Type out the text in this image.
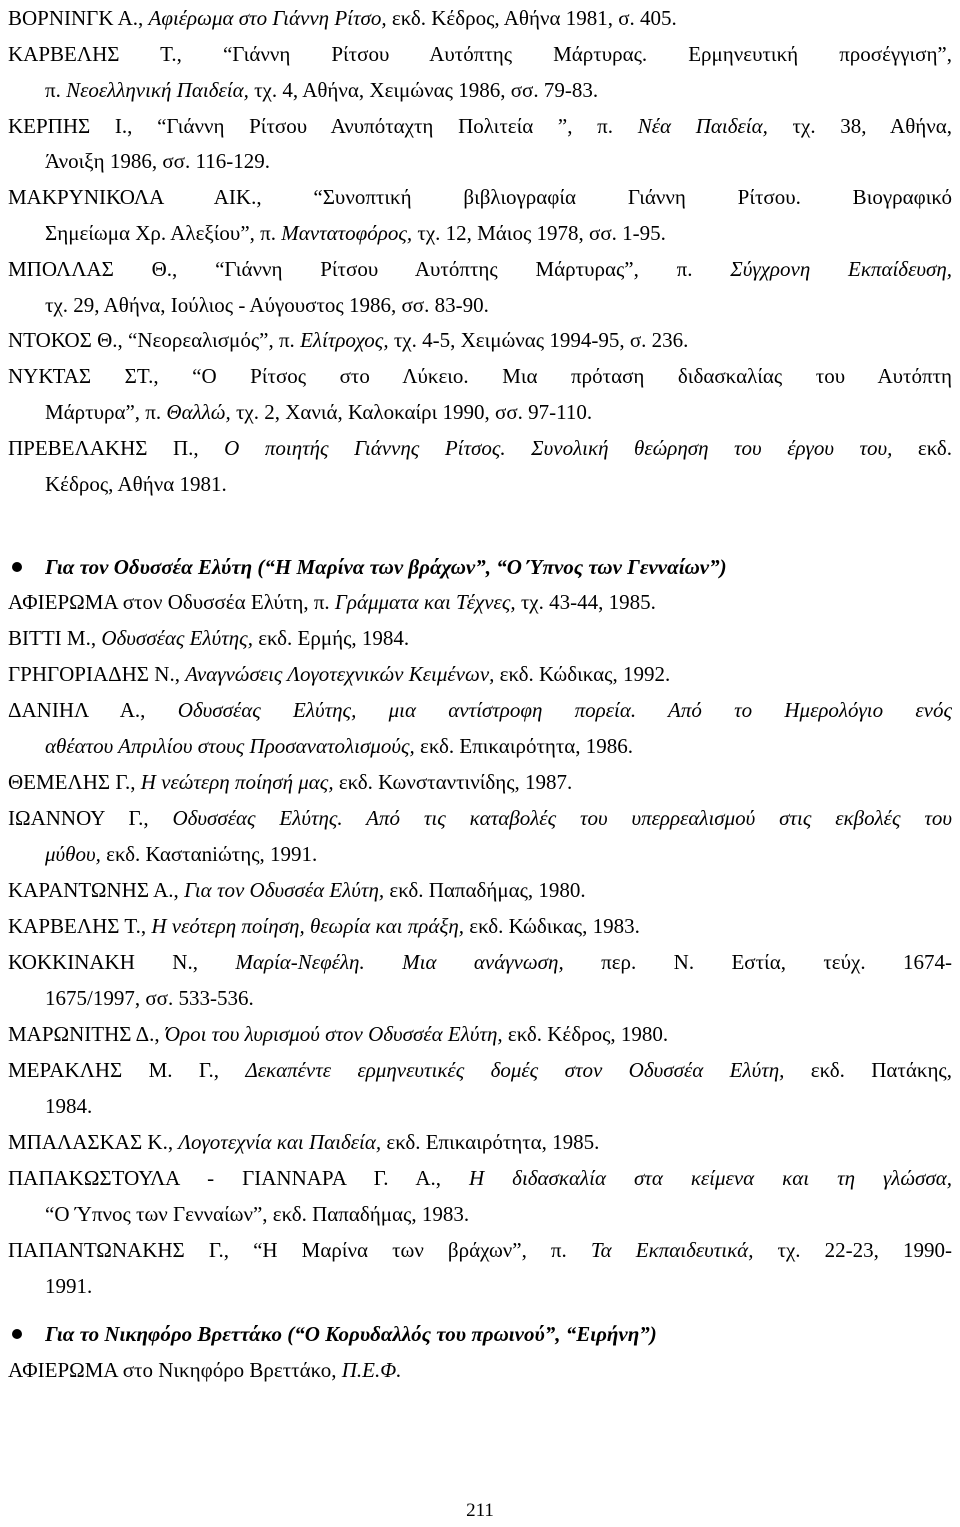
ΒΟΡΝΙΝΓΚ Α., Αφιέρωμα στο Γιάννη Ρίτσο, εκδ. Κέδρος, Αθήνα 1981, σ. 405.
ΚΑΡΒΕΛΗΣ Τ., “Γιάννη Ρίτσου Αυτόπτης Μάρτυρας. Ερμηνευτική προσέγγιση”,
π. Νεοελληνική Παιδεία, τχ. 4, Αθήνα, Χειμώνας 1986, σσ. 79-83.
ΚΕΡΠΗΣ Ι., “Γιάννη Ρίτσου Ανυπόταχτη Πολιτεία ”, π. Νέα Παιδεία, τχ. 38, Αθήνα,
Άνοιξη 1986, σσ. 116-129.
ΜΑΚΡΥΝΙΚΟΛΑ ΑΙΚ., “Συνοπτική βιβλιογραφία Γιάννη Ρίτσου. Βιογραφικό
Σημείωμα Χρ. Αλεξίου”, π. Μαντατοφόρος, τχ. 12, Μάιος 1978, σσ. 1-95.
ΜΠΟΛΛΑΣ Θ., “Γιάννη Ρίτσου Αυτόπτης Μάρτυρας”, π. Σύγχρονη Εκπαίδευση,
τχ. 29, Αθήνα, Ιούλιος - Αύγουστος 1986, σσ. 83-90.
ΝΤΟΚΟΣ Θ., “Νεορεαλισμός”, π. Ελίτροχος, τχ. 4-5, Χειμώνας 1994-95, σ. 236.
ΝΥΚΤΑΣ ΣΤ., “Ο Ρίτσος στο Λύκειο. Μια πρόταση διδασκαλίας του Αυτόπτη
Μάρτυρα”, π. Θαλλώ, τχ. 2, Χανιά, Καλοκαίρι 1990, σσ. 97-110.
ΠΡΕΒΕΛΑΚΗΣ Π., Ο ποιητής Γιάννης Ρίτσος. Συνολική θεώρηση του έργου του, εκδ.
Κέδρος, Αθήνα 1981.
Για τον Οδυσσέα Ελύτη (“Η Μαρίνα των βράχων”, “Ο Ύπνος των Γενναίων”)
ΑΦΙΕΡΩΜΑ στον Οδυσσέα Ελύτη, π. Γράμματα και Τέχνες, τχ. 43-44, 1985.
ΒΙΤΤΙ Μ., Οδυσσέας Ελύτης, εκδ. Ερμής, 1984.
ΓΡΗΓΟΡΙΑΔΗΣ Ν., Αναγνώσεις Λογοτεχνικών Κειμένων, εκδ. Κώδικας, 1992.
ΔΑΝΙΗΛ Α., Οδυσσέας Ελύτης, μια αντίστροφη πορεία. Από το Ημερολόγιο ενός
αθέατου Απριλίου στους Προσανατολισμούς, εκδ. Επικαιρότητα, 1986.
ΘΕΜΕΛΗΣ Γ., Η νεώτερη ποίησή μας, εκδ. Κωνσταντινίδης, 1987.
ΙΩΑΝΝΟΥ Γ., Οδυσσέας Ελύτης. Από τις καταβολές του υπερρεαλισμού στις εκβολές του
μύθου, εκδ. Κασταniώτης, 1991.
ΚΑΡΑΝΤΩΝΗΣ Α., Για τον Οδυσσέα Ελύτη, εκδ. Παπαδήμας, 1980.
ΚΑΡΒΕΛΗΣ Τ., Η νεότερη ποίηση, θεωρία και πράξη, εκδ. Κώδικας, 1983.
ΚΟΚΚΙΝΑΚΗ Ν., Μαρία-Νεφέλη. Μια ανάγνωση, περ. Ν. Εστία, τεύχ. 1674-
1675/1997, σσ. 533-536.
ΜΑΡΩΝΙΤΗΣ Δ., Όροι του λυρισμού στον Οδυσσέα Ελύτη, εκδ. Κέδρος, 1980.
ΜΕΡΑΚΛΗΣ Μ. Γ., Δεκαπέντε ερμηνευτικές δομές στον Οδυσσέα Ελύτη, εκδ. Πατάκης,
1984.
ΜΠΑΛΑΣΚΑΣ Κ., Λογοτεχνία και Παιδεία, εκδ. Επικαιρότητα, 1985.
ΠΑΠΑΚΩΣΤΟΥΛΑ - ΓΙΑΝΝΑΡΑ Γ. Α., Η διδασκαλία στα κείμενα και τη γλώσσα,
“Ο Ύπνος των Γενναίων”, εκδ. Παπαδήμας, 1983.
ΠΑΠΑΝΤΩΝΑΚΗΣ Γ., “Η Μαρίνα των βράχων”, π. Τα Εκπαιδευτικά, τχ. 22-23, 1990-
1991.
Για το Νικηφόρο Βρεττάκο (“Ο Κορυδαλλός του πρωινού”, “Ειρήνη”)
ΑΦΙΕΡΩΜΑ στο Νικηφόρο Βρεττάκο, Π.Ε.Φ.
211
